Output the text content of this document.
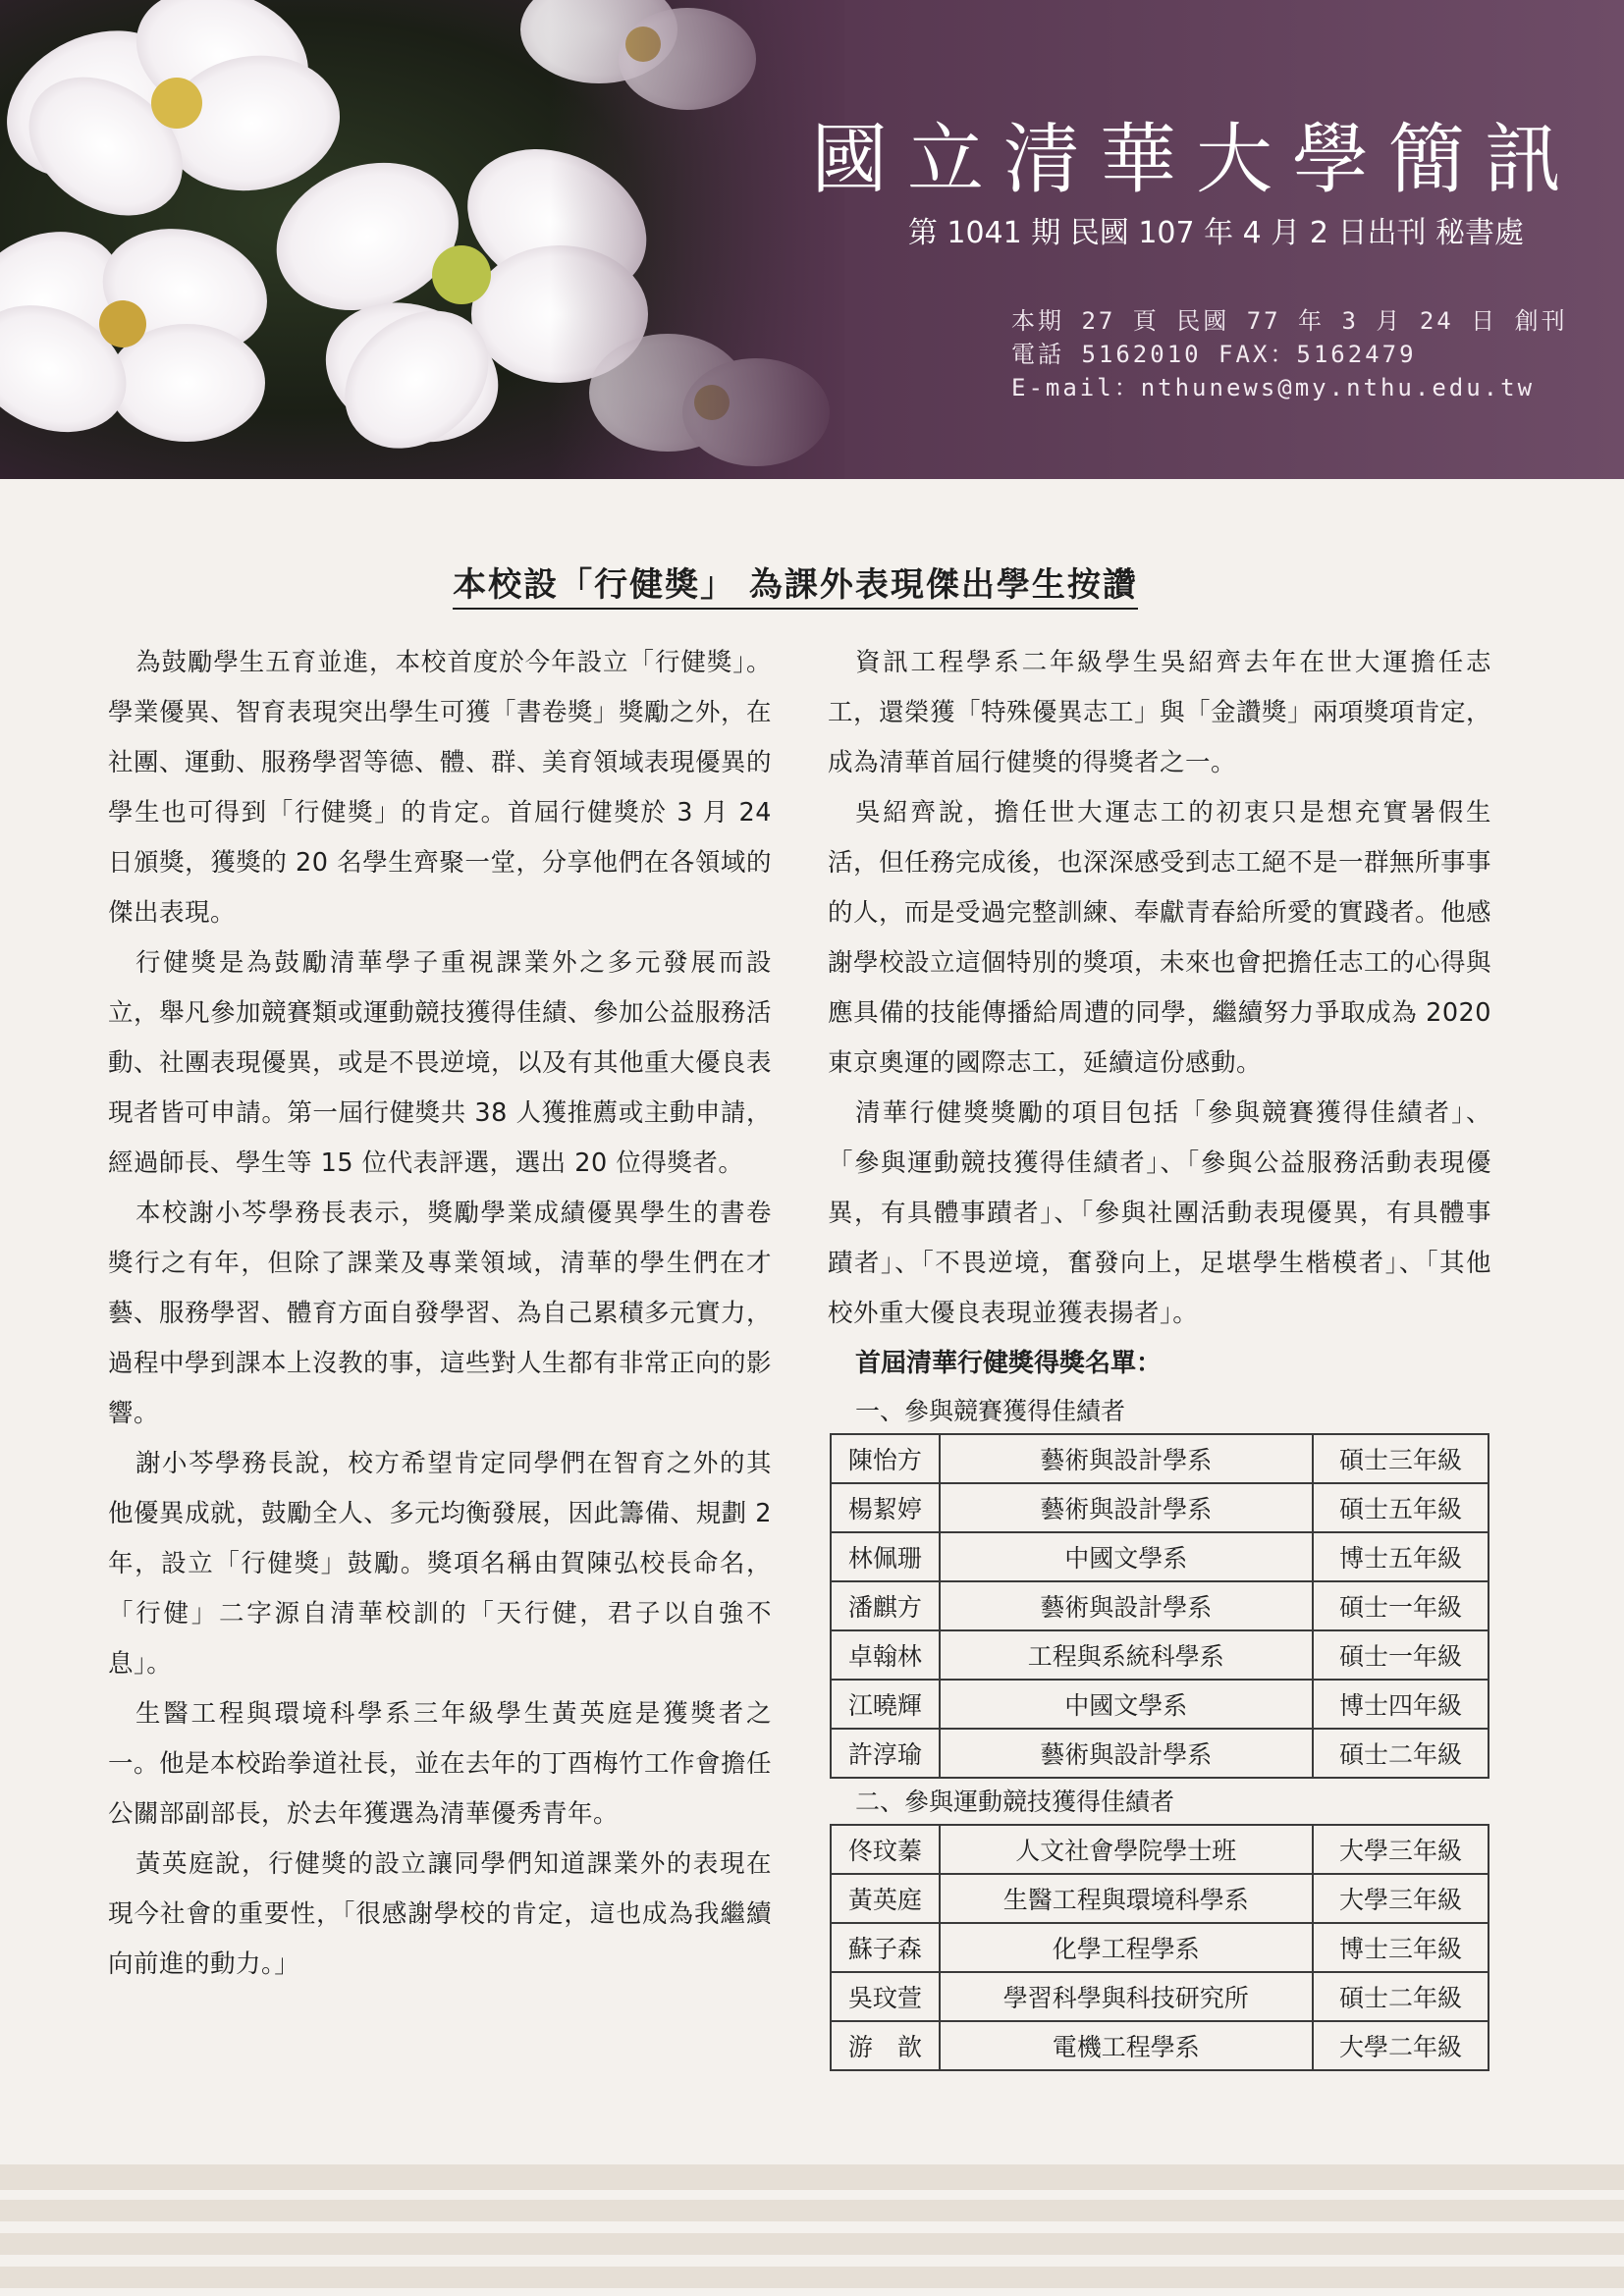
國立清華大學簡訊
第 1041 期 民國 107 年 4 月 2 日出刊 秘書處
本期 27 頁 民國 77 年 3 月 24 日 創刊
電話 5162010 FAX：5162479
E-mail：nthunews@my.nthu.edu.tw
本校設「行健獎」 為課外表現傑出學生按讚

為鼓勵學生五育並進，本校首度於今年設立「行健獎」。學業優異、智育表現突出學生可獲「書卷獎」獎勵之外，在社團、運動、服務學習等德、體、群、美育領域表現優異的學生也可得到「行健獎」的肯定。首屆行健獎於 3 月 24 日頒獎，獲獎的 20 名學生齊聚一堂，分享他們在各領域的傑出表現。

行健獎是為鼓勵清華學子重視課業外之多元發展而設立，舉凡參加競賽類或運動競技獲得佳績、參加公益服務活動、社團表現優異，或是不畏逆境，以及有其他重大優良表現者皆可申請。第一屆行健獎共 38 人獲推薦或主動申請，經過師長、學生等 15 位代表評選，選出 20 位得獎者。

本校謝小芩學務長表示，獎勵學業成績優異學生的書卷獎行之有年，但除了課業及專業領域，清華的學生們在才藝、服務學習、體育方面自發學習、為自己累積多元實力，過程中學到課本上沒教的事，這些對人生都有非常正向的影響。

謝小芩學務長說，校方希望肯定同學們在智育之外的其他優異成就，鼓勵全人、多元均衡發展，因此籌備、規劃 2 年，設立「行健獎」鼓勵。獎項名稱由賀陳弘校長命名，「行健」二字源自清華校訓的「天行健，君子以自強不息」。

生醫工程與環境科學系三年級學生黃英庭是獲獎者之一。他是本校跆拳道社長，並在去年的丁酉梅竹工作會擔任公關部副部長，於去年獲選為清華優秀青年。

黃英庭說，行健獎的設立讓同學們知道課業外的表現在現今社會的重要性，「很感謝學校的肯定，這也成為我繼續向前進的動力。」

資訊工程學系二年級學生吳紹齊去年在世大運擔任志工，還榮獲「特殊優異志工」與「金讚獎」兩項獎項肯定，成為清華首屆行健獎的得獎者之一。

吳紹齊說，擔任世大運志工的初衷只是想充實暑假生活，但任務完成後，也深深感受到志工絕不是一群無所事事的人，而是受過完整訓練、奉獻青春給所愛的實踐者。他感謝學校設立這個特別的獎項，未來也會把擔任志工的心得與應具備的技能傳播給周遭的同學，繼續努力爭取成為 2020 東京奧運的國際志工，延續這份感動。

清華行健獎獎勵的項目包括「參與競賽獲得佳績者」、「參與運動競技獲得佳績者」、「參與公益服務活動表現優異，有具體事蹟者」、「參與社團活動表現優異，有具體事蹟者」、「不畏逆境，奮發向上，足堪學生楷模者」、「其他校外重大優良表現並獲表揚者」。

首屆清華行健獎得獎名單：
一、參與競賽獲得佳績者
陳怡方	藝術與設計學系	碩士三年級
楊絜婷	藝術與設計學系	碩士五年級
林佩珊	中國文學系	博士五年級
潘麒方	藝術與設計學系	碩士一年級
卓翰林	工程與系統科學系	碩士一年級
江曉輝	中國文學系	博士四年級
許淳瑜	藝術與設計學系	碩士二年級
二、參與運動競技獲得佳績者
佟玟蓁	人文社會學院學士班	大學三年級
黃英庭	生醫工程與環境科學系	大學三年級
蘇子森	化學工程學系	博士三年級
吳玟萱	學習科學與科技研究所	碩士二年級
游　歆	電機工程學系	大學二年級
